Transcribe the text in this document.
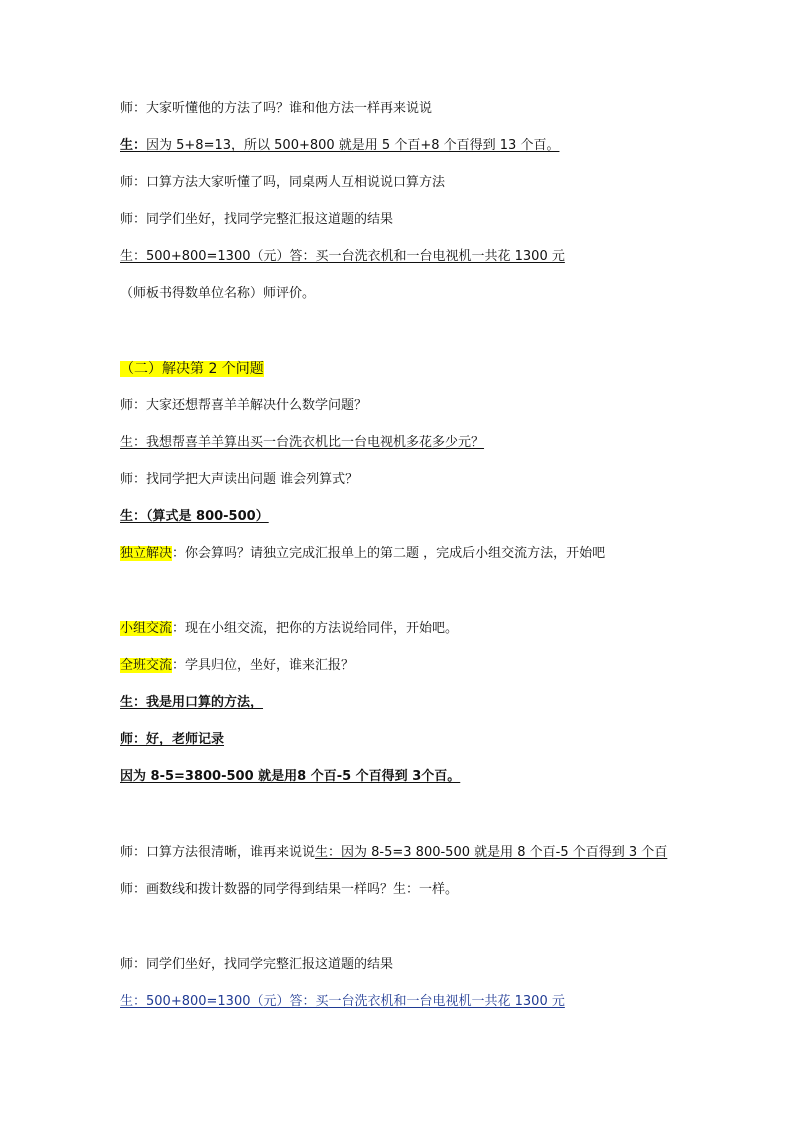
师：大家听懂他的方法了吗？谁和他方法一样再来说说
生：因为 5+8=13，所以 500+800 就是用 5 个百+8 个百得到 13 个百。
师：口算方法大家听懂了吗，同桌两人互相说说口算方法
师：同学们坐好，找同学完整汇报这道题的结果
生：500+800=1300（元）答：买一台洗衣机和一台电视机一共花 1300 元
（师板书得数单位名称）师评价。
（二）解决第 2 个问题
师：大家还想帮喜羊羊解决什么数学问题？
生：我想帮喜羊羊算出买一台洗衣机比一台电视机多花多少元？
师：找同学把大声读出问题 谁会列算式？
生：（算式是 800-500）
独立解决：你会算吗？请独立完成汇报单上的第二题 ，完成后小组交流方法，开始吧
小组交流：现在小组交流，把你的方法说给同伴，开始吧。
全班交流：学具归位，坐好，谁来汇报？
生：我是用口算的方法，
师：好，老师记录
因为 8-5=3800-500 就是用8 个百-5 个百得到 3个百。
师：口算方法很清晰，谁再来说说生：因为 8-5=3 800-500 就是用 8 个百-5 个百得到 3 个百
师：画数线和拨计数器的同学得到结果一样吗？生：一样。
师：同学们坐好，找同学完整汇报这道题的结果
生：500+800=1300（元）答：买一台洗衣机和一台电视机一共花 1300 元
